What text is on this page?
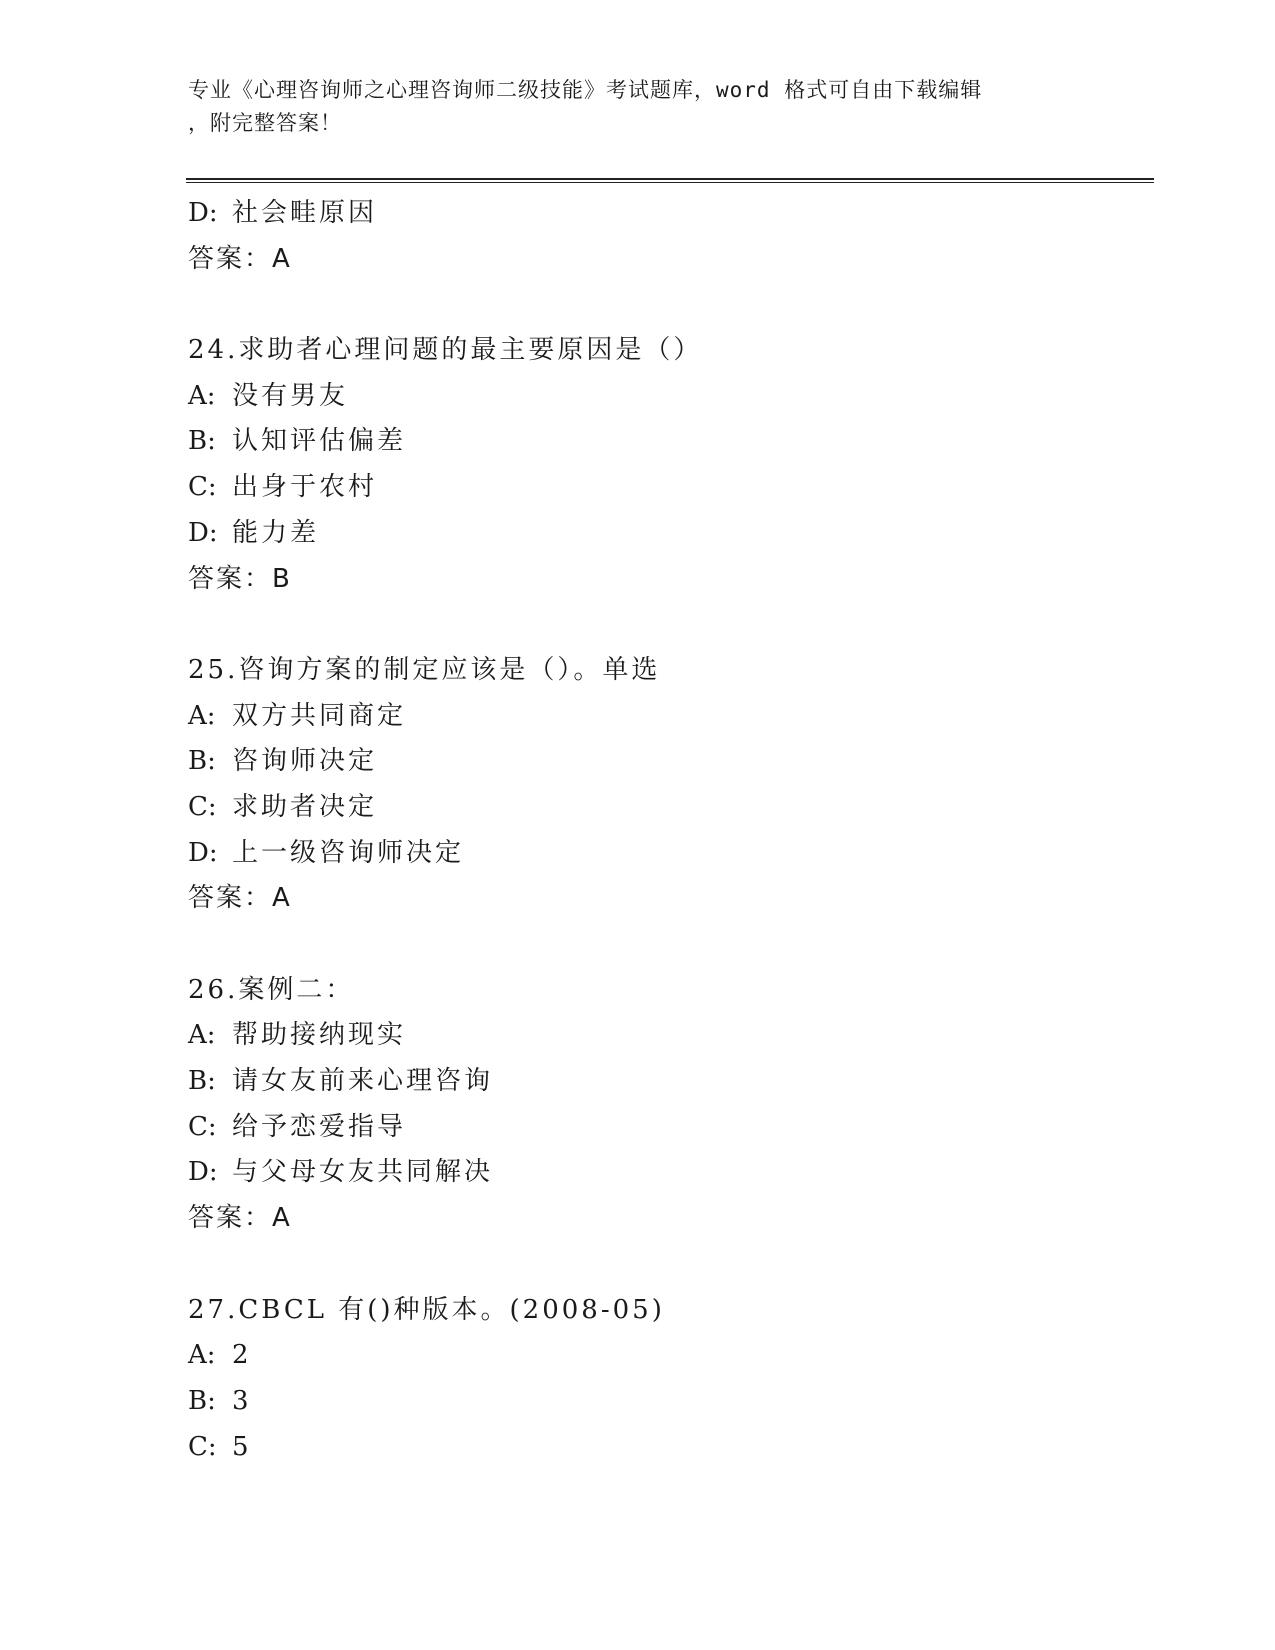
专业《心理咨询师之心理咨询师二级技能》考试题库，word 格式可自由下载编辑
，附完整答案！
D: 社会畦原因
答案：A
24.求助者心理问题的最主要原因是（）
A: 没有男友
B: 认知评估偏差
C: 出身于农村
D: 能力差
答案：B
25.咨询方案的制定应该是（）。单选
A: 双方共同商定
B: 咨询师决定
C: 求助者决定
D: 上一级咨询师决定
答案：A
26.案例二：
A: 帮助接纳现实
B: 请女友前来心理咨询
C: 给予恋爱指导
D: 与父母女友共同解决
答案：A
27.CBCL 有()种版本。(2008-05)
A: 2
B: 3
C: 5
